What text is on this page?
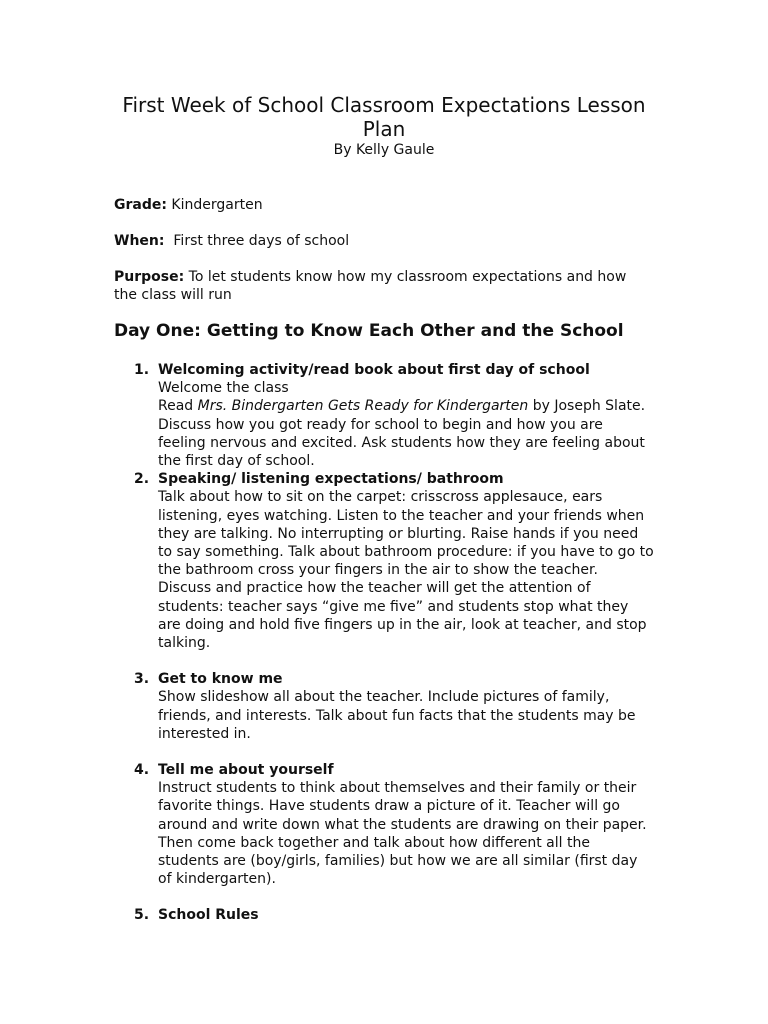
First Week of School Classroom Expectations Lesson Plan
By Kelly Gaule
Grade: Kindergarten
When: First three days of school
Purpose: To let students know how my classroom expectations and how the class will run
Day One: Getting to Know Each Other and the School
1. Welcoming activity/read book about first day of school
Welcome the class
Read Mrs. Bindergarten Gets Ready for Kindergarten by Joseph Slate. Discuss how you got ready for school to begin and how you are feeling nervous and excited. Ask students how they are feeling about the first day of school.
2. Speaking/ listening expectations/ bathroom
Talk about how to sit on the carpet: crisscross applesauce, ears listening, eyes watching. Listen to the teacher and your friends when they are talking. No interrupting or blurting. Raise hands if you need to say something. Talk about bathroom procedure: if you have to go to the bathroom cross your fingers in the air to show the teacher. Discuss and practice how the teacher will get the attention of students: teacher says “give me five” and students stop what they are doing and hold five fingers up in the air, look at teacher, and stop talking.
3. Get to know me
Show slideshow all about the teacher. Include pictures of family, friends, and interests. Talk about fun facts that the students may be interested in.
4. Tell me about yourself
Instruct students to think about themselves and their family or their favorite things. Have students draw a picture of it. Teacher will go around and write down what the students are drawing on their paper. Then come back together and talk about how different all the students are (boy/girls, families) but how we are all similar (first day of kindergarten).
5. School Rules
